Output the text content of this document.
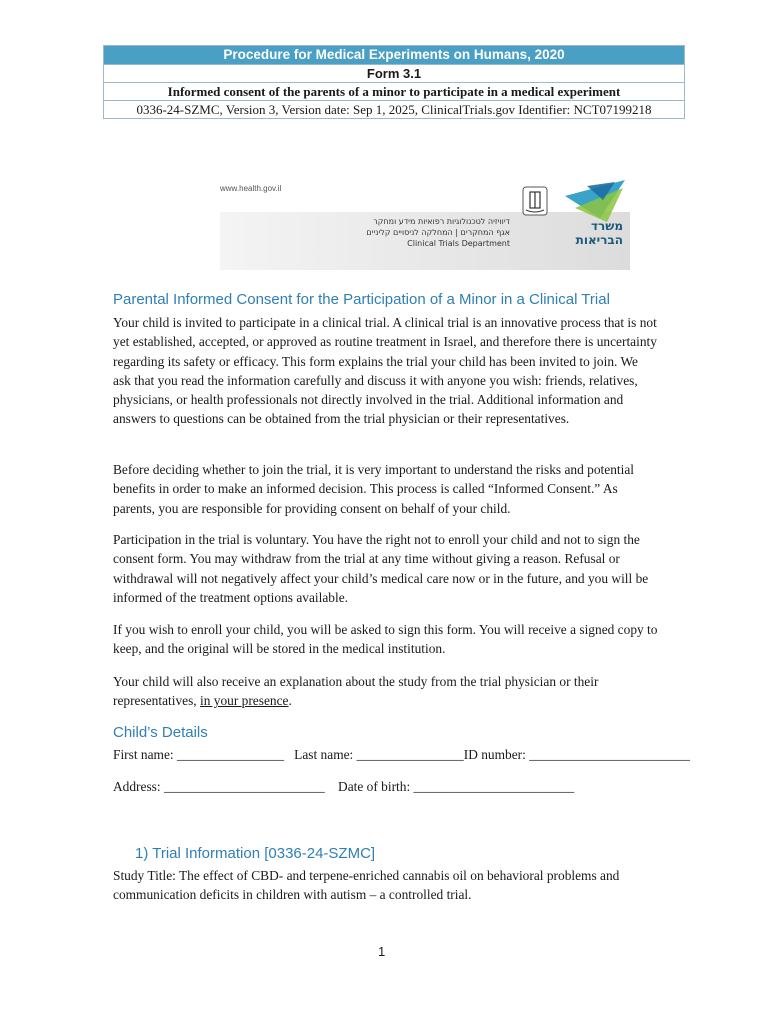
Procedure for Medical Experiments on Humans, 2020
Form 3.1
Informed consent of the parents of a minor to participate in a medical experiment
0336-24-SZMC, Version 3, Version date: Sep 1, 2025, ClinicalTrials.gov Identifier: NCT07199218
www.health.gov.il
דיוויזיה לטכנולוגיות רפואיות מידע ומחקר
אגף המחקרים | המחלקה לניסויים קליניים

Clinical Trials Department
משרד
הבריאות
Parental Informed Consent for the Participation of a Minor in a Clinical Trial
Your child is invited to participate in a clinical trial. A clinical trial is an innovative process that is not yet established, accepted, or approved as routine treatment in Israel, and therefore there is uncertainty regarding its safety or efficacy. This form explains the trial your child has been invited to join. We ask that you read the information carefully and discuss it with anyone you wish: friends, relatives, physicians, or health professionals not directly involved in the trial. Additional information and answers to questions can be obtained from the trial physician or their representatives.
Before deciding whether to join the trial, it is very important to understand the risks and potential benefits in order to make an informed decision. This process is called “Informed Consent.” As parents, you are responsible for providing consent on behalf of your child.
Participation in the trial is voluntary. You have the right not to enroll your child and not to sign the consent form. You may withdraw from the trial at any time without giving a reason. Refusal or withdrawal will not negatively affect your child’s medical care now or in the future, and you will be informed of the treatment options available.
If you wish to enroll your child, you will be asked to sign this form. You will receive a signed copy to keep, and the original will be stored in the medical institution.
Your child will also receive an explanation about the study from the trial physician or their representatives, in your presence.
Child’s Details
First name: ________________ Last name: ________________ID number: ________________________
Address: ________________________ Date of birth: ________________________
1) Trial Information [0336-24-SZMC]
Study Title: The effect of CBD- and terpene-enriched cannabis oil on behavioral problems and communication deficits in children with autism – a controlled trial.
1
